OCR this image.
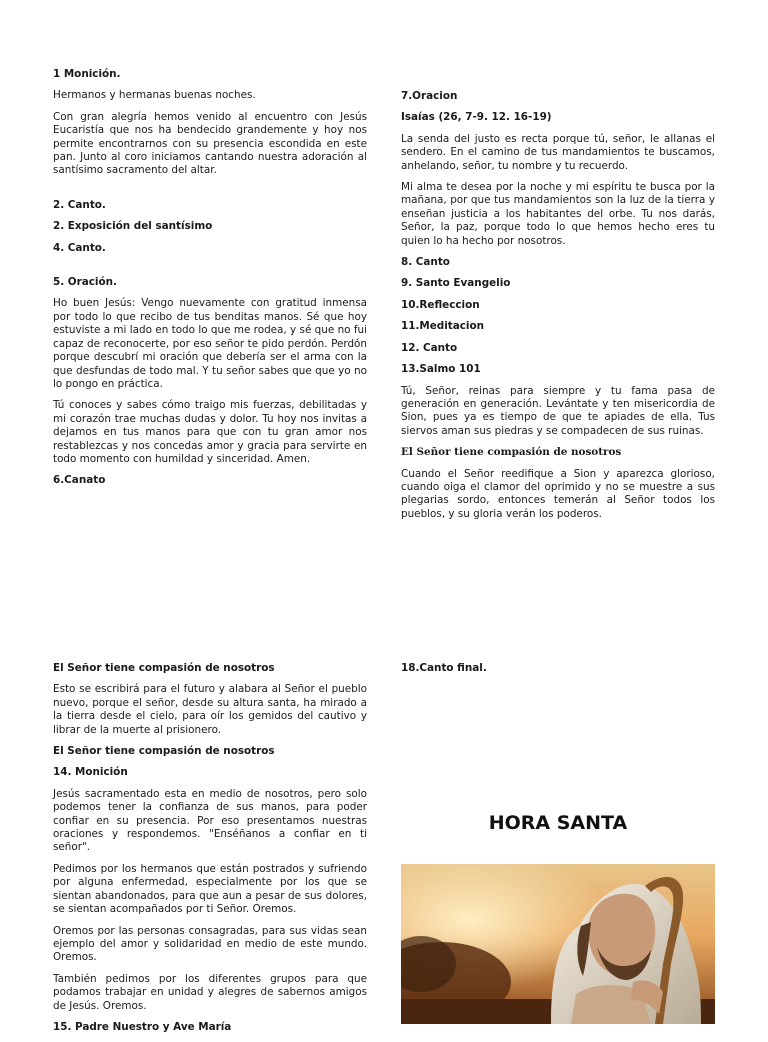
1 Monición.

Hermanos y hermanas buenas noches.

Con gran alegría hemos venido al encuentro con Jesús Eucaristía que nos ha bendecido grandemente y hoy nos permite encontrarnos con su presencia escondida en este pan. Junto al coro iniciamos cantando nuestra adoración al santísimo sacramento del altar.

2. Canto.
2. Exposición del santísimo
4. Canto.
5. Oración.

Ho buen Jesús: Vengo nuevamente con gratitud inmensa por todo lo que recibo de tus benditas manos. Sé que hoy estuviste a mi lado en todo lo que me rodea, y sé que no fui capaz de reconocerte, por eso señor te pido perdón. Perdón porque descubrí mi oración que debería ser el arma con la que desfundas de todo mal. Y tu señor sabes que que yo no lo pongo en práctica.

Tú conoces y sabes cómo traigo mis fuerzas, debilitadas y mi corazón trae muchas dudas y dolor. Tu hoy nos invitas a dejamos en tus manos para que con tu gran amor nos restablezcas y nos concedas amor y gracia para servirte en todo momento con humildad y sinceridad. Amen.

6.Canato
7.Oracion
Isaías (26, 7-9. 12. 16-19)

La senda del justo es recta porque tú, señor, le allanas el sendero. En el camino de tus mandamientos te buscamos, anhelando, señor, tu nombre y tu recuerdo.

Mi alma te desea por la noche y mi espíritu te busca por la mañana, por que tus mandamientos son la luz de la tierra y enseñan justicia a los habitantes del orbe. Tu nos darás, Señor, la paz, porque todo lo que hemos hecho eres tu quien lo ha hecho por nosotros.

8. Canto
9. Santo Evangelio
10.Refleccion
11.Meditacion
12. Canto
13.Salmo 101

Tú, Señor, reinas para siempre y tu fama pasa de generación en generación. Levántate y ten misericordia de Sion, pues ya es tiempo de que te apiades de ella. Tus siervos aman sus piedras y se compadecen de sus ruinas.

El Señor tiene compasión de nosotros

Cuando el Señor reedifique a Sion y aparezca glorioso, cuando oiga el clamor del oprimido y no se muestre a sus plegarias sordo, entonces temerán al Señor todos los pueblos, y su gloria verán los poderos.

El Señor tiene compasión de nosotros

Esto se escribirá para el futuro y alabara al Señor el pueblo nuevo, porque el señor, desde su altura santa, ha mirado a la tierra desde el cielo, para oír los gemidos del cautivo y librar de la muerte al prisionero.

El Señor tiene compasión de nosotros
14. Monición

Jesús sacramentado esta en medio de nosotros, pero solo podemos tener la confianza de sus manos, para poder confiar en su presencia. Por eso presentamos nuestras oraciones y respondemos. "Enséñanos a confiar en ti señor".

Pedimos por los hermanos que están postrados y sufriendo por alguna enfermedad, especialmente por los que se sientan abandonados, para que aun a pesar de sus dolores, se sientan acompañados por ti Señor. Oremos.

Oremos por las personas consagradas, para sus vidas sean ejemplo del amor y solidaridad en medio de este mundo. Oremos.

También pedimos por los diferentes grupos para que podamos trabajar en unidad y alegres de sabernos amigos de Jesús. Oremos.

15. Padre Nuestro y Ave María
18.Canto final.
HORA SANTA
